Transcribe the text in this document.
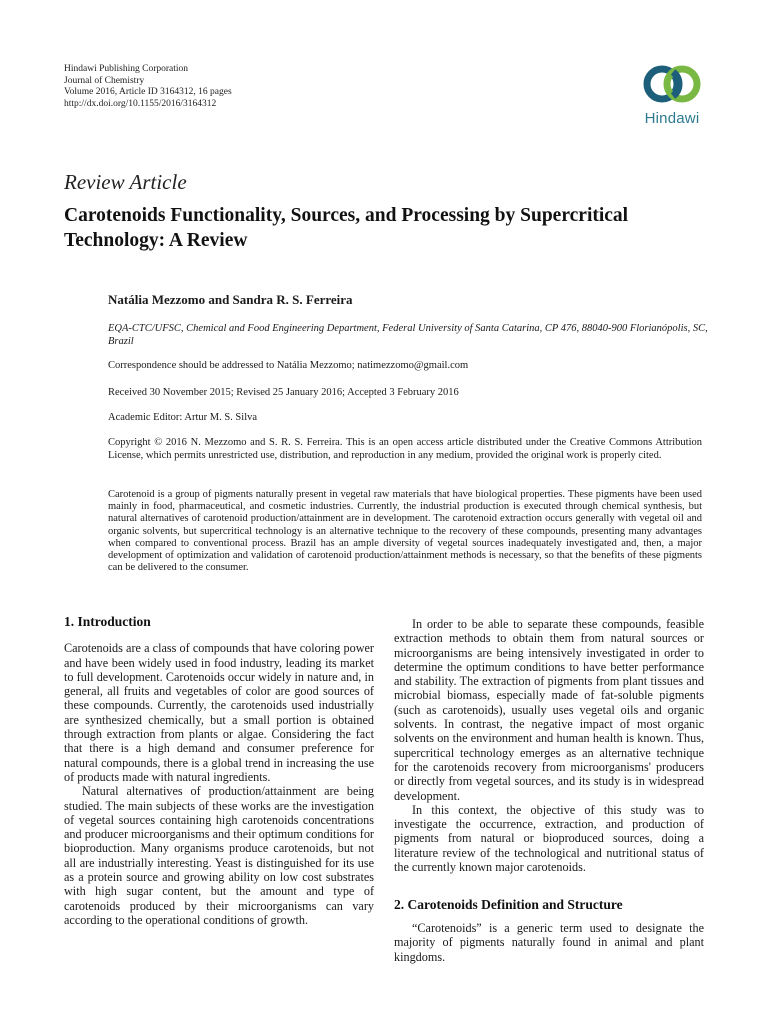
Hindawi Publishing Corporation
Journal of Chemistry
Volume 2016, Article ID 3164312, 16 pages
http://dx.doi.org/10.1155/2016/3164312
Hindawi
Review Article
Carotenoids Functionality, Sources, and Processing by Supercritical Technology: A Review
Natália Mezzomo and Sandra R. S. Ferreira
EQA-CTC/UFSC, Chemical and Food Engineering Department, Federal University of Santa Catarina, CP 476, 88040-900 Florianópolis, SC, Brazil
Correspondence should be addressed to Natália Mezzomo; natimezzomo@gmail.com
Received 30 November 2015; Revised 25 January 2016; Accepted 3 February 2016
Academic Editor: Artur M. S. Silva
Copyright © 2016 N. Mezzomo and S. R. S. Ferreira. This is an open access article distributed under the Creative Commons Attribution License, which permits unrestricted use, distribution, and reproduction in any medium, provided the original work is properly cited.
Carotenoid is a group of pigments naturally present in vegetal raw materials that have biological properties. These pigments have been used mainly in food, pharmaceutical, and cosmetic industries. Currently, the industrial production is executed through chemical synthesis, but natural alternatives of carotenoid production/attainment are in development. The carotenoid extraction occurs generally with vegetal oil and organic solvents, but supercritical technology is an alternative technique to the recovery of these compounds, presenting many advantages when compared to conventional process. Brazil has an ample diversity of vegetal sources inadequately investigated and, then, a major development of optimization and validation of carotenoid production/attainment methods is necessary, so that the benefits of these pigments can be delivered to the consumer.
1. Introduction

Carotenoids are a class of compounds that have coloring power and have been widely used in food industry, leading its market to full development. Carotenoids occur widely in nature and, in general, all fruits and vegetables of color are good sources of these compounds. Currently, the carotenoids used industrially are synthesized chemically, but a small portion is obtained through extraction from plants or algae. Considering the fact that there is a high demand and consumer preference for natural compounds, there is a global trend in increasing the use of products made with natural ingredients.

Natural alternatives of production/attainment are being studied. The main subjects of these works are the investigation of vegetal sources containing high carotenoids concentrations and producer microorganisms and their optimum conditions for bioproduction. Many organisms produce carotenoids, but not all are industrially interesting. Yeast is distinguished for its use as a protein source and growing ability on low cost substrates with high sugar content, but the amount and type of carotenoids produced by their microorganisms can vary according to the operational conditions of growth.

In order to be able to separate these compounds, feasible extraction methods to obtain them from natural sources or microorganisms are being intensively investigated in order to determine the optimum conditions to have better performance and stability. The extraction of pigments from plant tissues and microbial biomass, especially made of fat-soluble pigments (such as carotenoids), usually uses vegetal oils and organic solvents. In contrast, the negative impact of most organic solvents on the environment and human health is known. Thus, supercritical technology emerges as an alternative technique for the carotenoids recovery from microorganisms' producers or directly from vegetal sources, and its study is in widespread development.

In this context, the objective of this study was to investigate the occurrence, extraction, and production of pigments from natural or bioproduced sources, doing a literature review of the technological and nutritional status of the currently known major carotenoids.

2. Carotenoids Definition and Structure

“Carotenoids” is a generic term used to designate the majority of pigments naturally found in animal and plant kingdoms.
